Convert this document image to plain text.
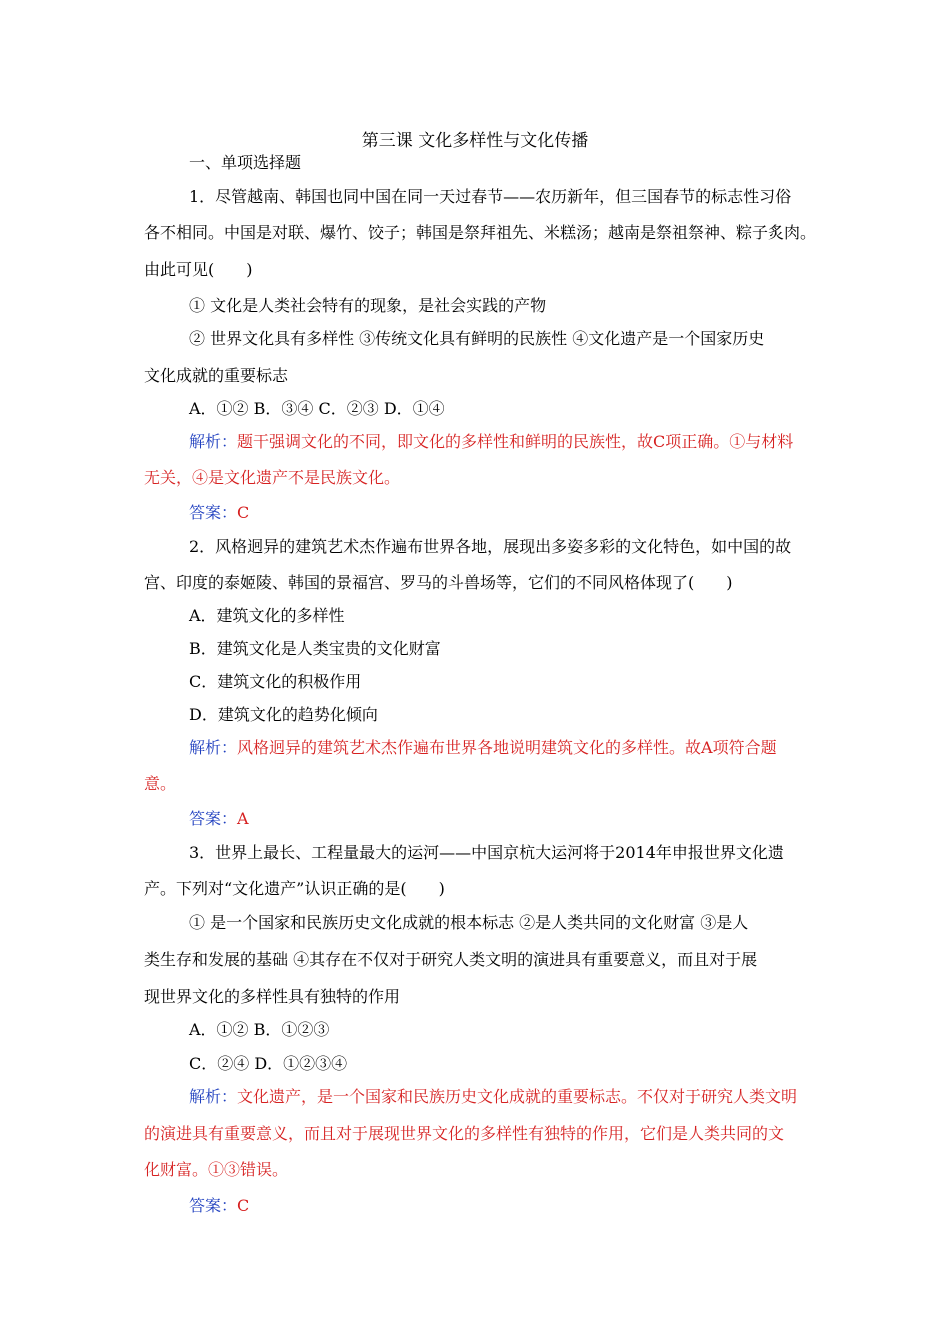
第三课 文化多样性与文化传播
一、单项选择题
1．尽管越南、韩国也同中国在同一天过春节——农历新年，但三国春节的标志性习俗
各不相同。中国是对联、爆竹、饺子；韩国是祭拜祖先、米糕汤；越南是祭祖祭神、粽子炙肉。
由此可见(　　)
① 文化是人类社会特有的现象，是社会实践的产物
② 世界文化具有多样性 ③传统文化具有鲜明的民族性 ④文化遗产是一个国家历史
文化成就的重要标志
A．①② B．③④ C．②③ D．①④
解析：题干强调文化的不同，即文化的多样性和鲜明的民族性，故C项正确。①与材料
无关，④是文化遗产不是民族文化。
答案：C
2．风格迥异的建筑艺术杰作遍布世界各地，展现出多姿多彩的文化特色，如中国的故
宫、印度的泰姬陵、韩国的景福宫、罗马的斗兽场等，它们的不同风格体现了(　　)
A．建筑文化的多样性
B．建筑文化是人类宝贵的文化财富
C．建筑文化的积极作用
D．建筑文化的趋势化倾向
解析：风格迥异的建筑艺术杰作遍布世界各地说明建筑文化的多样性。故A项符合题
意。
答案：A
3．世界上最长、工程量最大的运河——中国京杭大运河将于2014年申报世界文化遗
产。下列对“文化遗产”认识正确的是(　　)
① 是一个国家和民族历史文化成就的根本标志 ②是人类共同的文化财富 ③是人
类生存和发展的基础 ④其存在不仅对于研究人类文明的演进具有重要意义，而且对于展
现世界文化的多样性具有独特的作用
A．①② B．①②③
C．②④ D．①②③④
解析：文化遗产，是一个国家和民族历史文化成就的重要标志。不仅对于研究人类文明
的演进具有重要意义，而且对于展现世界文化的多样性有独特的作用，它们是人类共同的文
化财富。①③错误。
答案：C
